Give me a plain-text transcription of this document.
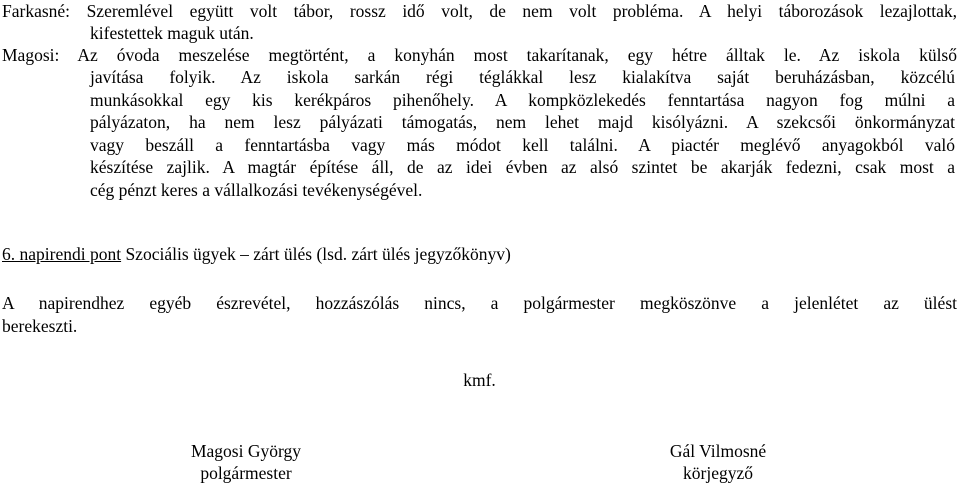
Farkasné: Szeremlével együtt volt tábor, rossz idő volt, de nem volt probléma. A helyi táborozások lezajlottak,

kifestettek maguk után.

Magosi: Az óvoda meszelése megtörtént, a konyhán most takarítanak, egy hétre álltak le. Az iskola külső

javítása folyik. Az iskola sarkán régi téglákkal lesz kialakítva saját beruházásban, közcélú
munkásokkal egy kis kerékpáros pihenőhely. A kompközlekedés fenntartása nagyon fog múlni a
pályázaton, ha nem lesz pályázati támogatás, nem lehet majd kisólyázni. A szekcsői önkormányzat
vagy beszáll a fenntartásba vagy más módot kell találni. A piactér meglévő anyagokból való
készítése zajlik. A magtár építése áll, de az idei évben az alsó szintet be akarják fedezni, csak most a
cég pénzt keres a vállalkozási tevékenységével.

6. napirendi pont Szociális ügyek – zárt ülés (lsd. zárt ülés jegyzőkönyv)

A napirendhez egyéb észrevétel, hozzászólás nincs, a polgármester megköszönve a jelenlétet az ülést
berekeszti.

kmf.
Magosi György
polgármester
Gál Vilmosné
körjegyző
